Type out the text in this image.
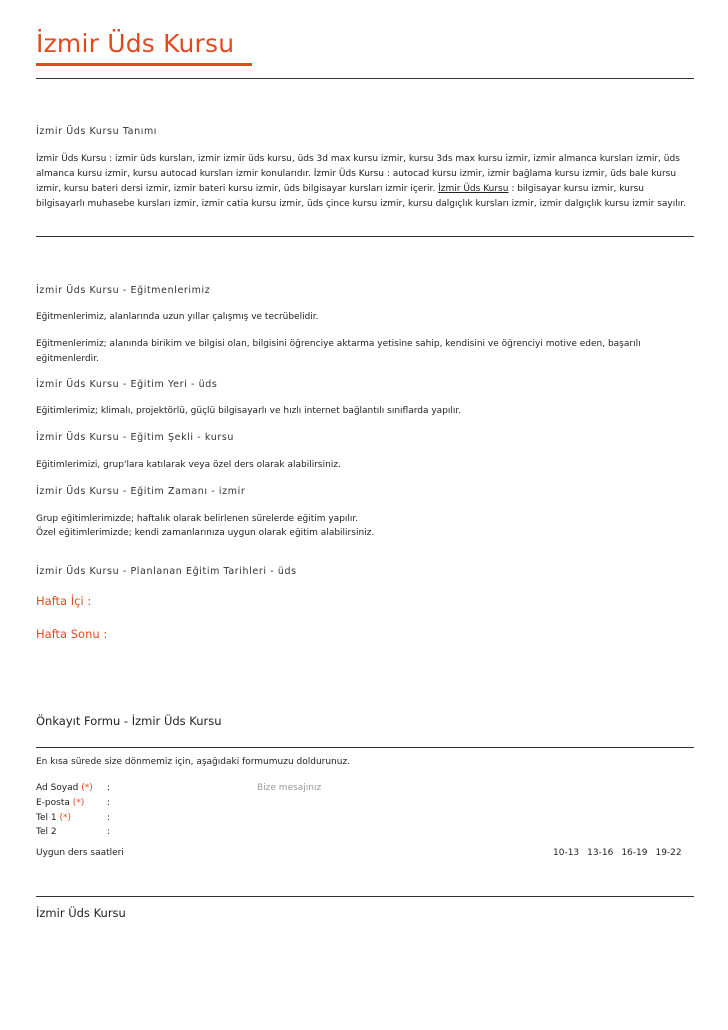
İzmir Üds Kursu
İzmir Üds Kursu Tanımı
İzmir Üds Kursu : izmir üds kursları, izmir izmir üds kursu, üds 3d max kursu izmir, kursu 3ds max kursu izmir, izmir almanca kursları izmir, üds almanca kursu izmir, kursu autocad kursları izmir konularıdır. İzmir Üds Kursu : autocad kursu izmir, izmir bağlama kursu izmir, üds bale kursu izmir, kursu bateri dersi izmir, izmir bateri kursu izmir, üds bilgisayar kursları izmir içerir. İzmir Üds Kursu : bilgisayar kursu izmir, kursu bilgisayarlı muhasebe kursları izmir, izmir catia kursu izmir, üds çince kursu izmir, kursu dalgıçlık kursları izmir, izmir dalgıçlık kursu izmir sayılır.
İzmir Üds Kursu - Eğitmenlerimiz
Eğitmenlerimiz, alanlarında uzun yıllar çalışmış ve tecrübelidir.
Eğitmenlerimiz; alanında birikim ve bilgisi olan, bilgisini öğrenciye aktarma yetisine sahip, kendisini ve öğrenciyi motive eden, başarılı eğitmenlerdir.
İzmir Üds Kursu - Eğitim Yeri - üds
Eğitimlerimiz; klimalı, projektörlü, güçlü bilgisayarlı ve hızlı internet bağlantılı sınıflarda yapılır.
İzmir Üds Kursu - Eğitim Şekli - kursu
Eğitimlerimizi, grup'lara katılarak veya özel ders olarak alabilirsiniz.
İzmir Üds Kursu - Eğitim Zamanı - izmir
Grup eğitimlerimizde; haftalık olarak belirlenen sürelerde eğitim yapılır.
Özel eğitimlerimizde; kendi zamanlarınıza uygun olarak eğitim alabilirsiniz.
İzmir Üds Kursu - Planlanan Eğitim Tarihleri - üds
Hafta İçi :
Hafta Sonu :
Önkayıt Formu - İzmir Üds Kursu
En kısa sürede size dönmemiz için, aşağıdaki formumuzu doldurunuz.
Ad Soyad (*) :
E-posta (*)	:
Tel 1 (*)	:
Tel 2	:
Bize mesajınız
Uygun ders saatleri	10-13 13-16 16-19 19-22
İzmir Üds Kursu
